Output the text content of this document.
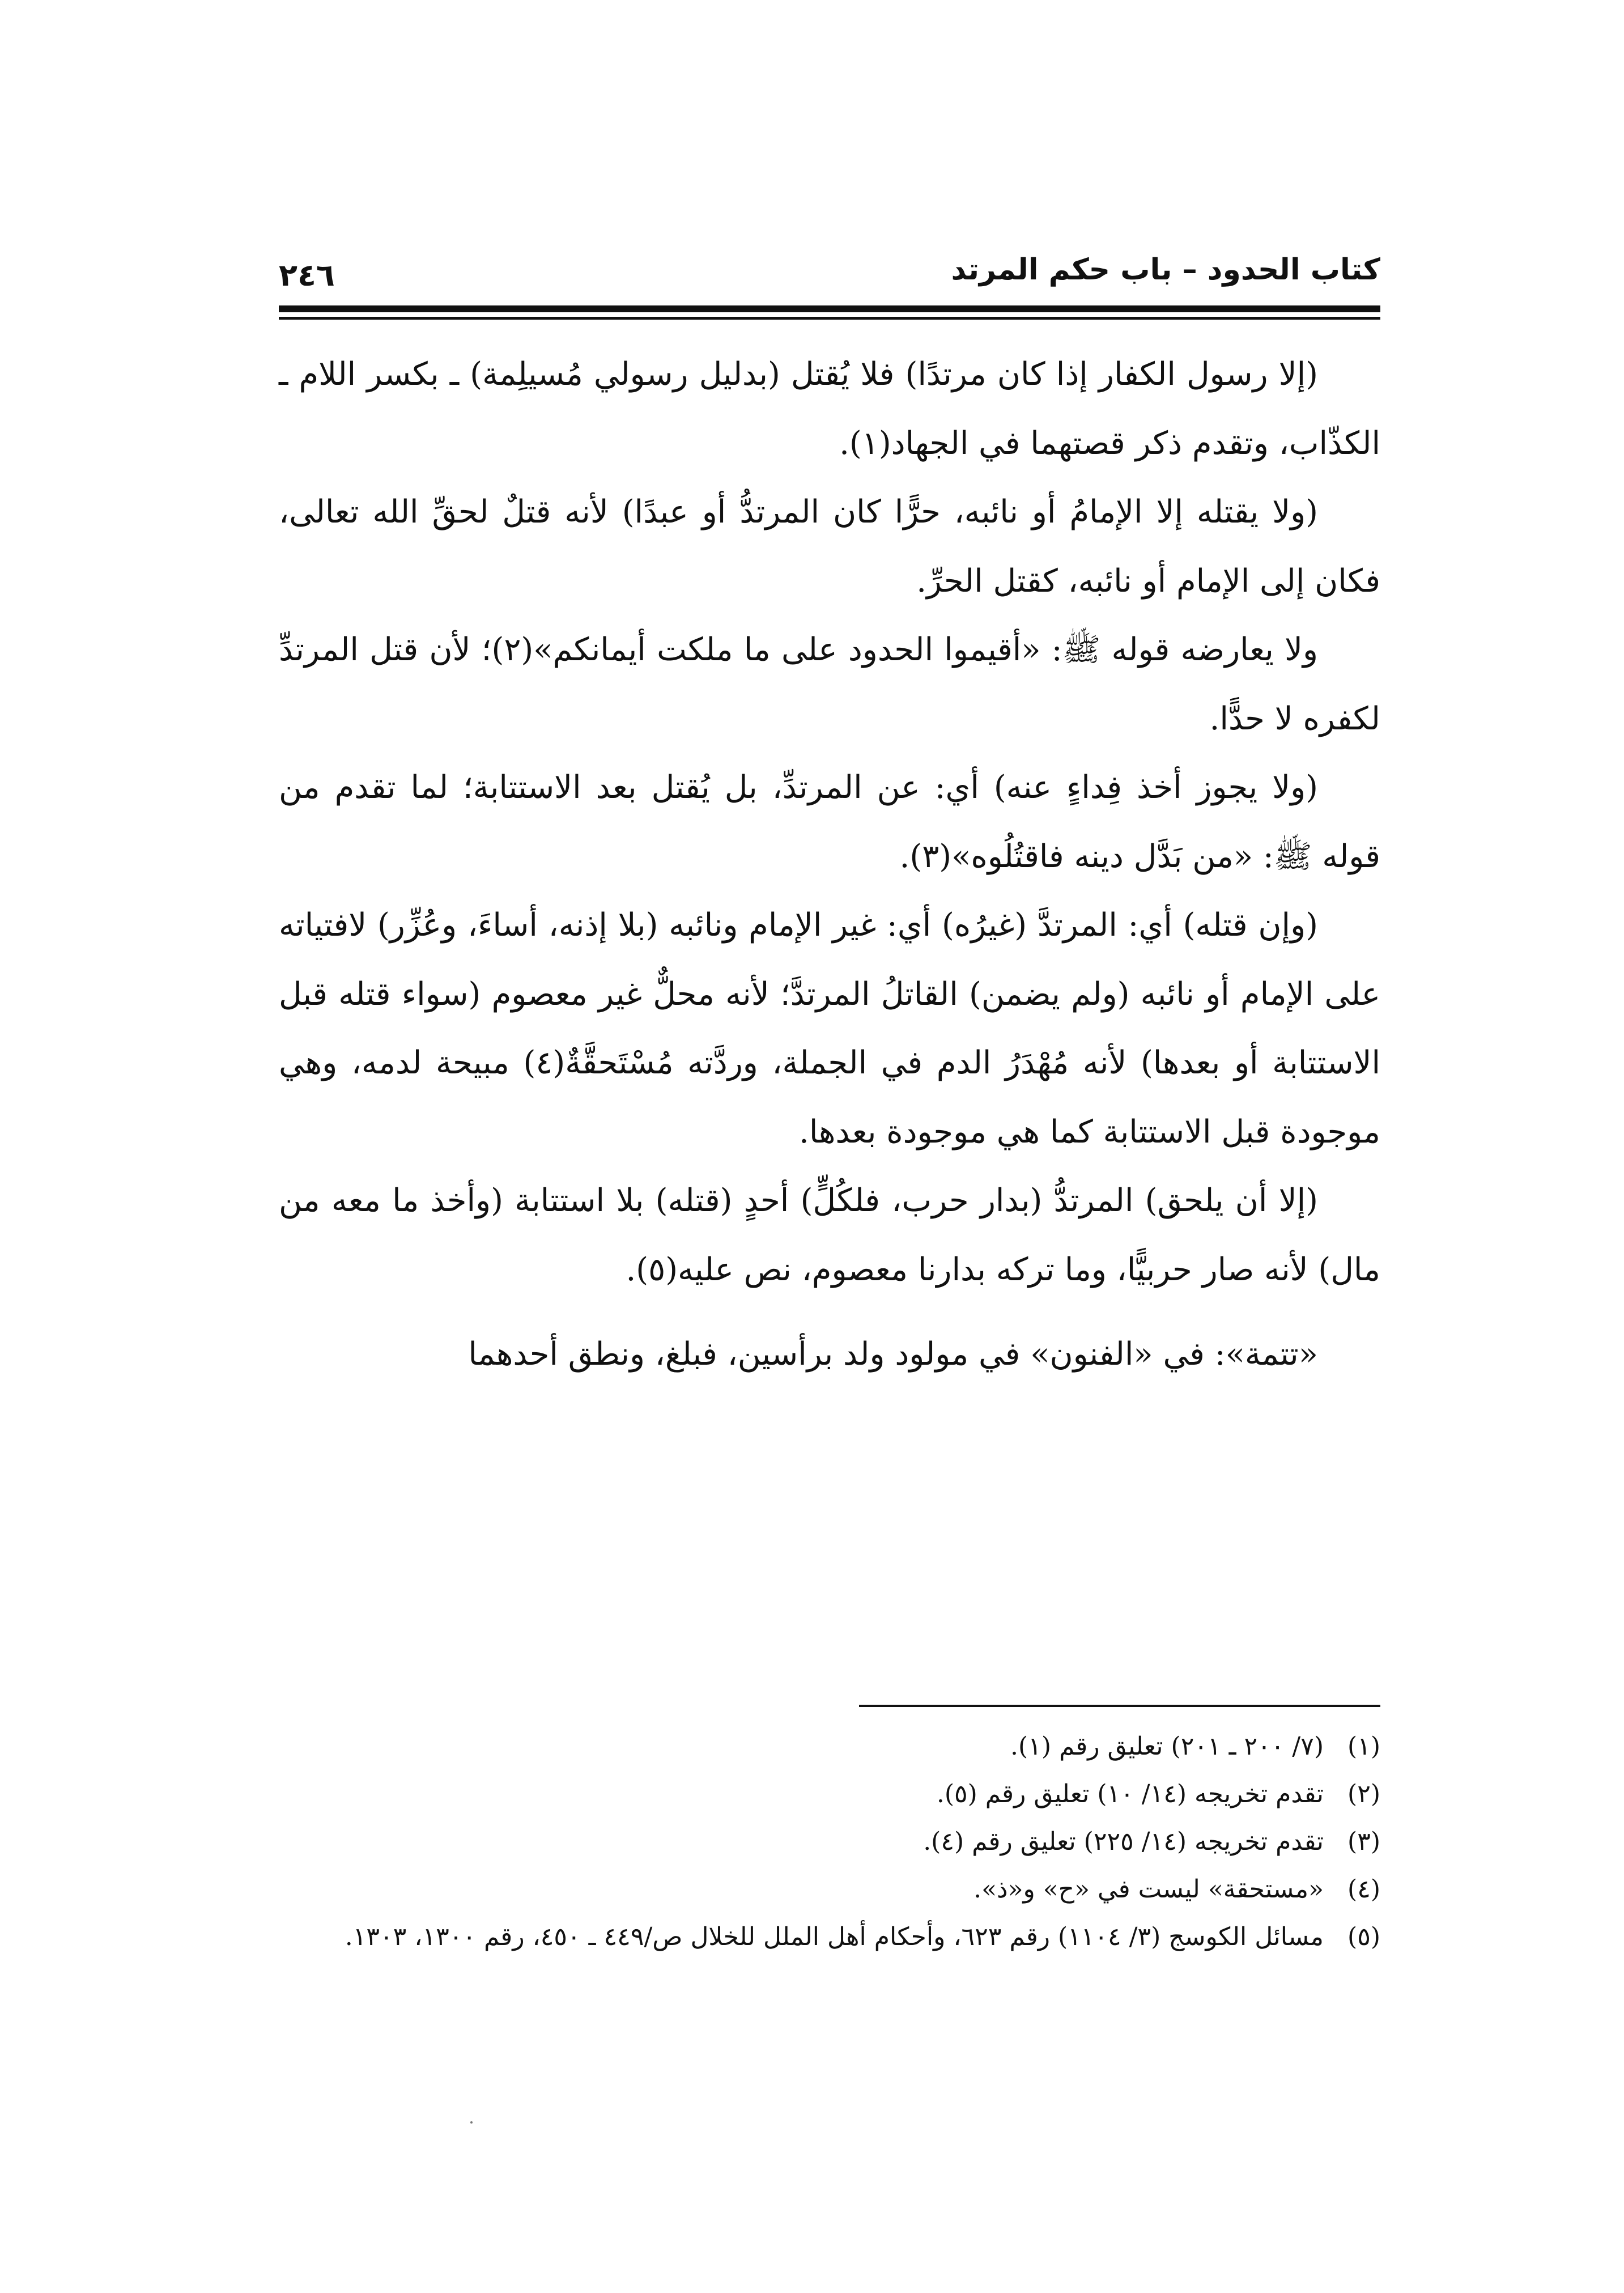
كتاب الحدود – باب حكم المرتد
٢٤٦

(إلا رسول الكفار إذا كان مرتدًا) فلا يُقتل (بدليل رسولي مُسيلِمة) ـ بكسر اللام ـ الكذّاب، وتقدم ذكر قصتهما في الجهاد(١).

(ولا يقتله إلا الإمامُ أو نائبه، حرًّا كان المرتدُّ أو عبدًا) لأنه قتلٌ لحقِّ الله تعالى، فكان إلى الإمام أو نائبه، كقتل الحرِّ.

ولا يعارضه قوله ﷺ: «أقيموا الحدود على ما ملكت أيمانكم»(٢)؛ لأن قتل المرتدِّ لكفره لا حدًّا.

(ولا يجوز أخذ فِداءٍ عنه) أي: عن المرتدِّ، بل يُقتل بعد الاستتابة؛ لما تقدم من قوله ﷺ: «من بَدَّل دينه فاقتُلُوه»(٣).

(وإن قتله) أي: المرتدَّ (غيرُه) أي: غير الإمام ونائبه (بلا إذنه، أساءَ، وعُزِّر) لافتياته على الإمام أو نائبه (ولم يضمن) القاتلُ المرتدَّ؛ لأنه محلٌّ غير معصوم (سواء قتله قبل الاستتابة أو بعدها) لأنه مُهْدَرُ الدم في الجملة، وردَّته مُسْتَحقَّةٌ(٤) مبيحة لدمه، وهي موجودة قبل الاستتابة كما هي موجودة بعدها.

(إلا أن يلحق) المرتدُّ (بدار حرب، فلكُلٍّ) أحدٍ (قتله) بلا استتابة (وأخذ ما معه من مال) لأنه صار حربيًّا، وما تركه بدارنا معصوم، نص عليه(٥).

«تتمة»: في «الفنون» في مولود ولد برأسين، فبلغ، ونطق أحدهما

(١)
(٧/ ٢٠٠ ـ ٢٠١) تعليق رقم (١).

(٢)
تقدم تخريجه (١٤/ ١٠) تعليق رقم (٥).

(٣)
تقدم تخريجه (١٤/ ٢٢٥) تعليق رقم (٤).

(٤)
«مستحقة» ليست في «ح» و«ذ».

(٥)
مسائل الكوسج (٣/ ١١٠٤) رقم ٦٢٣، وأحكام أهل الملل للخلال ص/٤٤٩ ـ ٤٥٠، رقم ١٣٠٠، ١٣٠٣.
